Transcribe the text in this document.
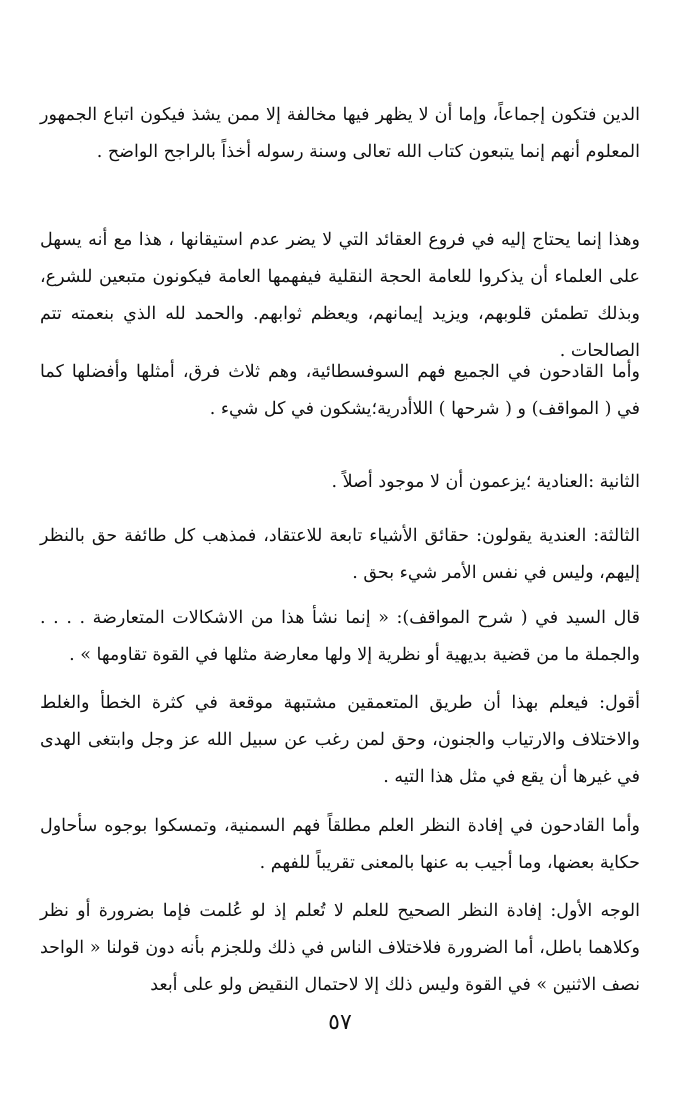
الدين فتكون إجماعاً، وإما أن لا يظهر فيها مخالفة إلا ممن يشذ فيكون اتباع الجمهور المعلوم أنهم إنما يتبعون كتاب الله تعالى وسنة رسوله أخذاً بالراجح الواضح .

وهذا إنما يحتاج إليه في فروع العقائد التي لا يضر عدم استيقانها ، هذا مع أنه يسهل على العلماء أن يذكروا للعامة الحجة النقلية فيفهمها العامة فيكونون متبعين للشرع، وبذلك تطمئن قلوبهم، ويزيد إيمانهم، ويعظم ثوابهم. والحمد لله الذي بنعمته تتم الصالحات .

وأما القادحون في الجميع فهم السوفسطائية، وهم ثلاث فرق، أمثلها وأفضلها كما في ( المواقف) و ( شرحها ) اللاأدرية؛يشكون في كل شيء .

الثانية :العنادية ؛يزعمون أن لا موجود أصلاً .

الثالثة: العندية يقولون: حقائق الأشياء تابعة للاعتقاد، فمذهب كل طائفة حق بالنظر إليهم، وليس في نفس الأمر شيء بحق .

قال السيد في ( شرح المواقف): « إنما نشأ هذا من الاشكالات المتعارضة . . . . والجملة ما من قضية بديهية أو نظرية إلا ولها معارضة مثلها في القوة تقاومها » .

أقول: فيعلم بهذا أن طريق المتعمقين مشتبهة موقعة في كثرة الخطأ والغلط والاختلاف والارتياب والجنون، وحق لمن رغب عن سبيل الله عز وجل وابتغى الهدى في غيرها أن يقع في مثل هذا التيه .

وأما القادحون في إفادة النظر العلم مطلقاً فهم السمنية، وتمسكوا بوجوه سأحاول حكاية بعضها، وما أجيب به عنها بالمعنى تقريباً للفهم .

الوجه الأول: إفادة النظر الصحيح للعلم لا تُعلم إذ لو عُلمت فإما بضرورة أو نظر وكلاهما باطل، أما الضرورة فلاختلاف الناس في ذلك وللجزم بأنه دون قولنا « الواحد نصف الاثنين » في القوة وليس ذلك إلا لاحتمال النقيض ولو على أبعد

٥٧
